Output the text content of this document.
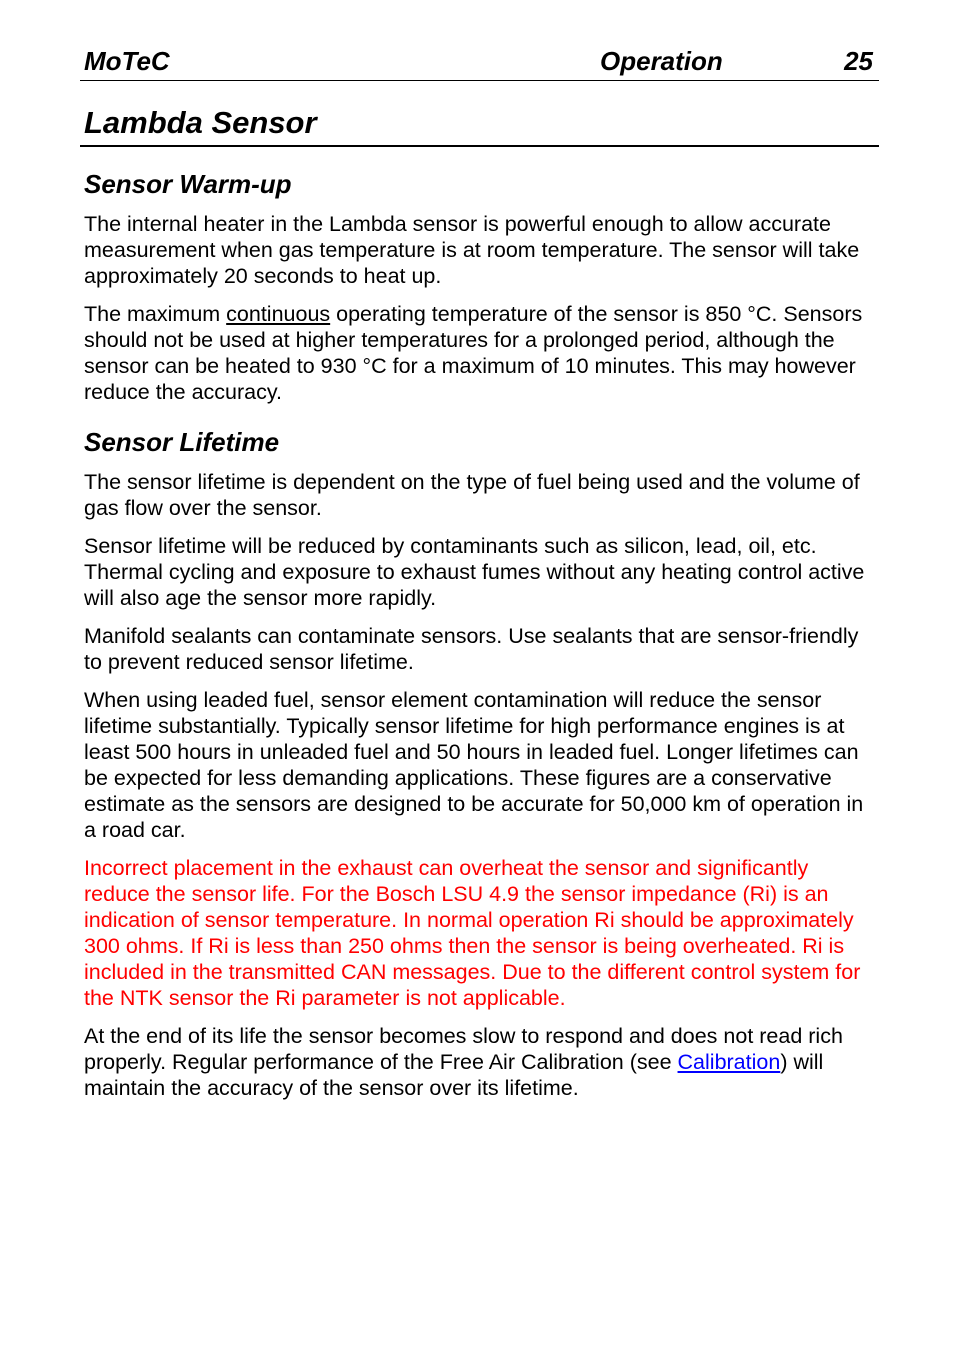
MoTeC	Operation	25
Lambda Sensor
Sensor Warm-up

The internal heater in the Lambda sensor is powerful enough to allow accurate measurement when gas temperature is at room temperature. The sensor will take approximately 20 seconds to heat up.

The maximum continuous operating temperature of the sensor is 850 °C. Sensors should not be used at higher temperatures for a prolonged period, although the sensor can be heated to 930 °C for a maximum of 10 minutes. This may however reduce the accuracy.

Sensor Lifetime

The sensor lifetime is dependent on the type of fuel being used and the volume of gas flow over the sensor.

Sensor lifetime will be reduced by contaminants such as silicon, lead, oil, etc. Thermal cycling and exposure to exhaust fumes without any heating control active will also age the sensor more rapidly.

Manifold sealants can contaminate sensors. Use sealants that are sensor-friendly to prevent reduced sensor lifetime.

When using leaded fuel, sensor element contamination will reduce the sensor lifetime substantially. Typically sensor lifetime for high performance engines is at least 500 hours in unleaded fuel and 50 hours in leaded fuel. Longer lifetimes can be expected for less demanding applications. These figures are a conservative estimate as the sensors are designed to be accurate for 50,000 km of operation in a road car.

Incorrect placement in the exhaust can overheat the sensor and significantly reduce the sensor life. For the Bosch LSU 4.9 the sensor impedance (Ri) is an indication of sensor temperature. In normal operation Ri should be approximately 300 ohms. If Ri is less than 250 ohms then the sensor is being overheated. Ri is included in the transmitted CAN messages. Due to the different control system for the NTK sensor the Ri parameter is not applicable.

At the end of its life the sensor becomes slow to respond and does not read rich properly. Regular performance of the Free Air Calibration (see Calibration) will maintain the accuracy of the sensor over its lifetime.
